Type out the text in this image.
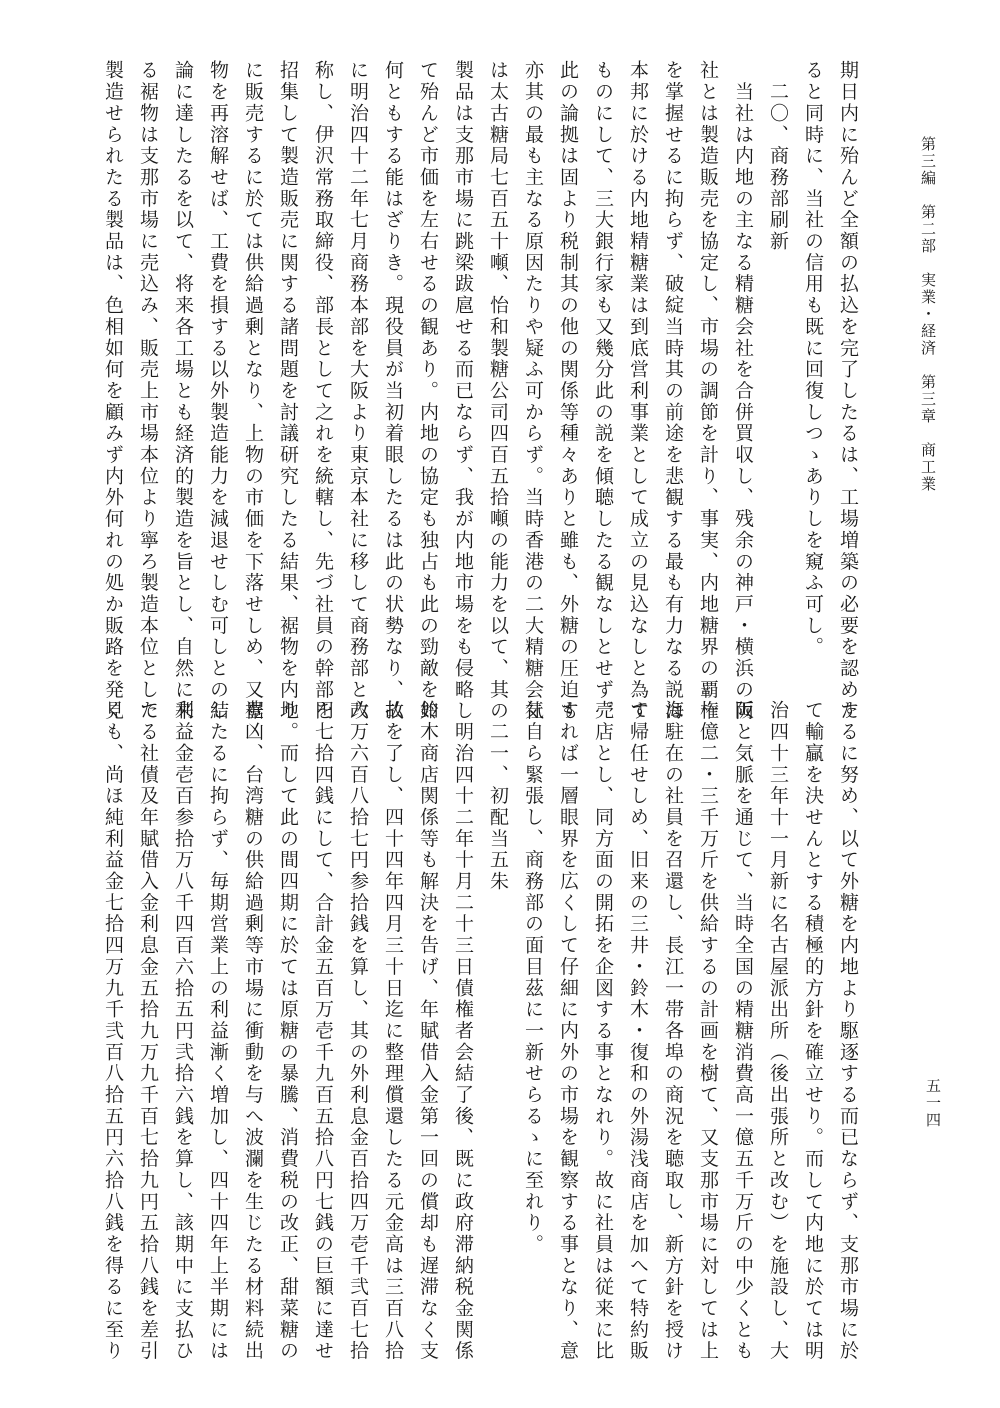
第三編　第二部　実業・経済　第三章　商工業
五一四
期日内に殆んど全額の払込を完了したるは、工場増築の必要を認めた
ると同時に、当社の信用も既に回復しつゝありしを窺ふ可し。
　二〇、商務部刷新
　当社は内地の主なる精糖会社を合併買収し、残余の神戸・横浜の両
社とは製造販売を協定し、市場の調節を計り、事実、内地糖界の覇権
を掌握せるに拘らず、破綻当時其の前途を悲観する最も有力なる説は
本邦に於ける内地精糖業は到底営利事業として成立の見込なしと為す
ものにして、三大銀行家も又幾分此の説を傾聴したる観なしとせず。
此の論拠は固より税制其の他の関係等種々ありと雖も、外糖の圧迫も
亦其の最も主なる原因たりや疑ふ可からず。当時香港の二大精糖会社
は太古糖局七百五十噸、怡和製糖公司四百五拾噸の能力を以て、其の
製品は支那市場に跳梁跋扈せる而已ならず、我が内地市場をも侵略し
て殆んど市価を左右せるの観あり。内地の協定も独占も此の勁敵を如
何ともする能はざりき。現役員が当初着眼したるは此の状勢なり、故
に明治四十二年七月商務本部を大阪より東京本社に移して商務部と改
称し、伊沢常務取締役、部長として之れを統轄し、先づ社員の幹部を
招集して製造販売に関する諸問題を討議研究したる結果、裾物を内地
に販売するに於ては供給過剰となり、上物の市価を下落せしめ、又裾
物を再溶解せば、工費を損する以外製造能力を減退せしむ可しとの結
論に達したるを以て、将来各工場とも経済的製造を旨とし、自然に来
る裾物は支那市場に売込み、販売上市場本位より寧ろ製造本位として
製造せられたる製品は、色相如何を顧みず内外何れの処か販路を発見
するに努め、以て外糖を内地より駆逐する而已ならず、支那市場に於
て輸贏を決せんとする積極的方針を確立せり。而して内地に於ては明
治四十三年十一月新に名古屋派出所（後出張所と改む）を施設し、大
阪と気脈を通じて、当時全国の精糖消費高一億五千万斤の中少くとも
一億二・三千万斤を供給するの計画を樹て、又支那市場に対しては上
海駐在の社員を召還し、長江一帯各埠の商況を聴取し、新方針を授け
て帰任せしめ、旧来の三井・鈴木・復和の外湯浅商店を加へて特約販
売店とし、同方面の開拓を企図する事となれり。故に社員は従来に比
すれば一層眼界を広くして仔細に内外の市場を観察する事となり、意
気自ら緊張し、商務部の面目茲に一新せらるゝに至れり。
　二一、初配当五朱
　明治四十二年十月二十三日債権者会結了後、既に政府滞納税金関係
鈴木商店関係等も解決を告げ、年賦借入金第一回の償却も遅滞なく支
払を了し、四十四年四月三十日迄に整理償還したる元金高は三百八拾
六万六百八拾七円参拾銭を算し、其の外利息金百拾四万壱千弐百七拾
円七拾四銭にして、合計金五百万壱千九百五拾八円七銭の巨額に達せ
り。而して此の間四期に於ては原糖の暴騰、消費税の改正、甜菜糖の
豊凶、台湾糖の供給過剰等市場に衝動を与へ波瀾を生じたる材料続出
したるに拘らず、毎期営業上の利益漸く増加し、四十四年上半期には
利益金壱百参拾万八千四百六拾五円弐拾六銭を算し、該期中に支払ひ
たる社債及年賦借入金利息金五拾九万九千百七拾九円五拾八銭を差引
くも、尚ほ純利益金七拾四万九千弐百八拾五円六拾八銭を得るに至り
